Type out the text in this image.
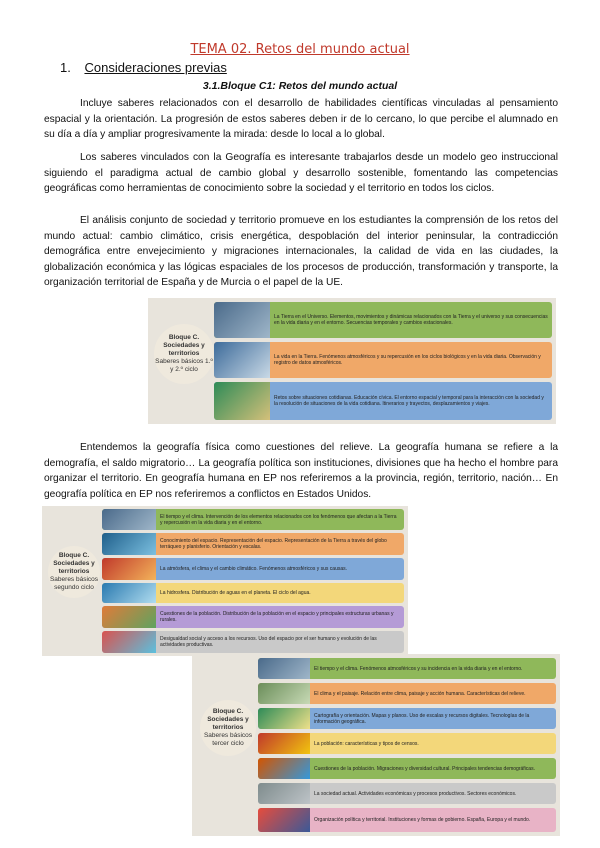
TEMA 02. Retos del mundo actual
1. Consideraciones previas
3.1.Bloque C1: Retos del mundo actual

Incluye saberes relacionados con el desarrollo de habilidades científicas vinculadas al pensamiento espacial y la orientación. La progresión de estos saberes deben ir de lo cercano, lo que percibe el alumnado en su día a día y ampliar progresivamente la mirada: desde lo local a lo global.

Los saberes vinculados con la Geografía es interesante trabajarlos desde un modelo geo instruccional siguiendo el paradigma actual de cambio global y desarrollo sostenible, fomentando las competencias geográficas como herramientas de conocimiento sobre la sociedad y el territorio en todos los ciclos.

El análisis conjunto de sociedad y territorio promueve en los estudiantes la comprensión de los retos del mundo actual: cambio climático, crisis energética, despoblación del interior peninsular, la contradicción demográfica entre envejecimiento y migraciones internacionales, la calidad de vida en las ciudades, la globalización económica y las lógicas espaciales de los procesos de producción, transformación y transporte, la organización territorial de España y de Murcia o el papel de la UE.

Bloque C. Sociedades y territorios
Saberes básicos 1.º y 2.º ciclo
La Tierra en el Universo. Elementos, movimientos y dinámicas relacionados con la Tierra y el universo y sus consecuencias en la vida diaria y en el entorno. Secuencias temporales y cambios estacionales.
La vida en la Tierra. Fenómenos atmosféricos y su repercusión en los ciclos biológicos y en la vida diaria. Observación y registro de datos atmosféricos.
Retos sobre situaciones cotidianas. Educación cívica. El entorno espacial y temporal para la interacción con la sociedad y la resolución de situaciones de la vida cotidiana. Itinerarios y trayectos, desplazamientos y viajes.

Entendemos la geografía física como cuestiones del relieve. La geografía humana se refiere a la demografía, el saldo migratorio… La geografía política son instituciones, divisiones que ha hecho el hombre para organizar el territorio. En geografía humana en EP nos referiremos a la provincia, región, territorio, nación… En geografía política en EP nos referiremos a conflictos en Estados Unidos.

Bloque C. Sociedades y territorios
Saberes básicos segundo ciclo
El tiempo y el clima. Intervención de los elementos relacionados con los fenómenos que afectan a la Tierra y repercusión en la vida diaria y en el entorno.
Conocimiento del espacio. Representación del espacio. Representación de la Tierra a través del globo terráqueo y planisferio. Orientación y escalas.
La atmósfera, el clima y el cambio climático. Fenómenos atmosféricos y sus causas.
La hidrosfera. Distribución de aguas en el planeta. El ciclo del agua.
Cuestiones de la población. Distribución de la población en el espacio y principales estructuras urbanas y rurales.
Desigualdad social y acceso a los recursos. Uso del espacio por el ser humano y evolución de las actividades productivas.
Bloque C. Sociedades y territorios
Saberes básicos tercer ciclo
El tiempo y el clima. Fenómenos atmosféricos y su incidencia en la vida diaria y en el entorno.
El clima y el paisaje. Relación entre clima, paisaje y acción humana. Características del relieve.
Cartografía y orientación. Mapas y planos. Uso de escalas y recursos digitales. Tecnologías de la información geográfica.
La población: características y tipos de censos.
Cuestiones de la población. Migraciones y diversidad cultural. Principales tendencias demográficas.
La sociedad actual. Actividades económicas y procesos productivos. Sectores económicos.
Organización política y territorial. Instituciones y formas de gobierno. España, Europa y el mundo.
